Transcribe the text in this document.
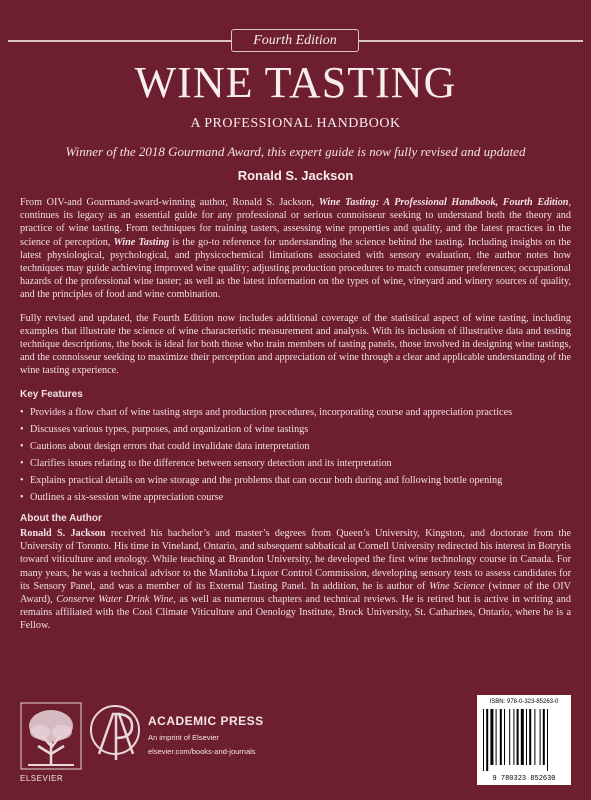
Fourth Edition
WINE TASTING
A PROFESSIONAL HANDBOOK
Winner of the 2018 Gourmand Award, this expert guide is now fully revised and updated
Ronald S. Jackson

From OIV-and Gourmand-award-winning author, Ronald S. Jackson, Wine Tasting: A Professional Handbook, Fourth Edition, continues its legacy as an essential guide for any professional or serious connoisseur seeking to understand both the theory and practice of wine tasting. From techniques for training tasters, assessing wine properties and quality, and the latest practices in the science of perception, Wine Tasting is the go-to reference for understanding the science behind the tasting. Including insights on the latest physiological, psychological, and physicochemical limitations associated with sensory evaluation, the author notes how techniques may guide achieving improved wine quality; adjusting production procedures to match consumer preferences; occupational hazards of the professional wine taster; as well as the latest information on the types of wine, vineyard and winery sources of quality, and the principles of food and wine combination.

Fully revised and updated, the Fourth Edition now includes additional coverage of the statistical aspect of wine tasting, including examples that illustrate the science of wine characteristic measurement and analysis. With its inclusion of illustrative data and testing technique descriptions, the book is ideal for both those who train members of tasting panels, those involved in designing wine tastings, and the connoisseur seeking to maximize their perception and appreciation of wine through a clear and applicable understanding of the wine tasting experience.

Key Features
• Provides a flow chart of wine tasting steps and production procedures, incorporating course and appreciation practices
• Discusses various types, purposes, and organization of wine tastings
• Cautions about design errors that could invalidate data interpretation
• Clarifies issues relating to the difference between sensory detection and its interpretation
• Explains practical details on wine storage and the problems that can occur both during and following bottle opening
• Outlines a six-session wine appreciation course
About the Author

Ronald S. Jackson received his bachelor’s and master’s degrees from Queen’s University, Kingston, and doctorate from the University of Toronto. His time in Vineland, Ontario, and subsequent sabbatical at Cornell University redirected his interest in Botrytis toward viticulture and enology. While teaching at Brandon University, he developed the first wine technology course in Canada. For many years, he was a technical advisor to the Manitoba Liquor Control Commission, developing sensory tests to assess candidates for its Sensory Panel, and was a member of its External Tasting Panel. In addition, he is author of Wine Science (winner of the OIV Award), Conserve Water Drink Wine, as well as numerous chapters and technical reviews. He is retired but is active in writing and remains affiliated with the Cool Climate Viticulture and Oenology Institute, Brock University, St. Catharines, Ontario, where he is a Fellow.

ELSEVIER
ACADEMIC PRESS
An imprint of Elsevier
elsevier.com/books-and-journals
ISBN: 978-0-323-85263-0
9 780323 852630
